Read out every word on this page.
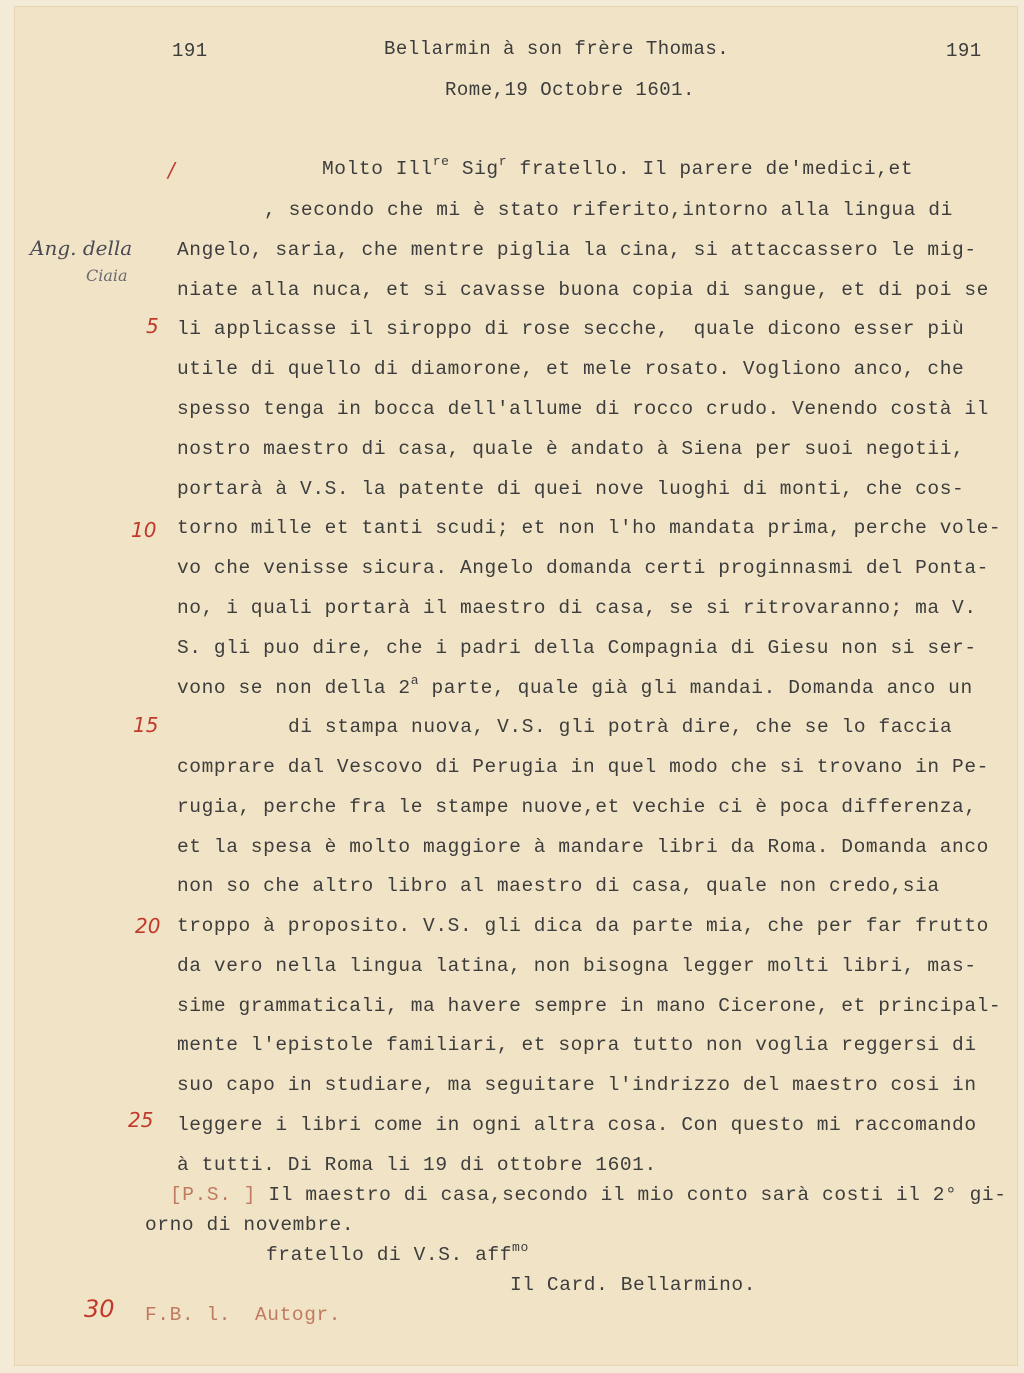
191	Bellarmin à son frère Thomas.	191
Rome,19 Octobre 1601.
/
Ang. della
Ciaia
5
10
15
20
25
30
Molto Ill$^{re}$ Sig$^r$ fratello. Il parere de'medici,et
, secondo che mi è stato riferito,intorno alla lingua di
Angelo, saria, che mentre piglia la cina, si attaccassero le mig-
niate alla nuca, et si cavasse buona copia di sangue, et di poi se
li applicasse il siroppo di rose secche,  quale dicono esser più
utile di quello di diamorone, et mele rosato. Vogliono anco, che
spesso tenga in bocca dell'allume di rocco crudo. Venendo costà il
nostro maestro di casa, quale è andato à Siena per suoi negotii,
portarà à V.S. la patente di quei nove luoghi di monti, che cos-
torno mille et tanti scudi; et non l'ho mandata prima, perche vole-
vo che venisse sicura. Angelo domanda certi proginnasmi del Ponta-
no, i quali portarà il maestro di casa, se si ritrovaranno; ma V.
S. gli puo dire, che i padri della Compagnia di Giesu non si ser-
vono se non della 2$^a$ parte, quale già gli mandai. Domanda anco un
di stampa nuova, V.S. gli potrà dire, che se lo faccia
comprare dal Vescovo di Perugia in quel modo che si trovano in Pe-
rugia, perche fra le stampe nuove,et vechie ci è poca differenza,
et la spesa è molto maggiore à mandare libri da Roma. Domanda anco
non so che altro libro al maestro di casa, quale non credo,sia
troppo à proposito. V.S. gli dica da parte mia, che per far frutto
da vero nella lingua latina, non bisogna legger molti libri, mas-
sime grammaticali, ma havere sempre in mano Cicerone, et principal-
mente l'epistole familiari, et sopra tutto non voglia reggersi di
suo capo in studiare, ma seguitare l'indrizzo del maestro cosi in
leggere i libri come in ogni altra cosa. Con questo mi raccomando
à tutti. Di Roma li 19 di ottobre 1601.
[P.S. ] Il maestro di casa,secondo il mio conto sarà costi il 2° gi-
orno di novembre.
fratello di V.S. aff$^{mo}$
Il Card. Bellarmino.
F.B. l. Autogr.
